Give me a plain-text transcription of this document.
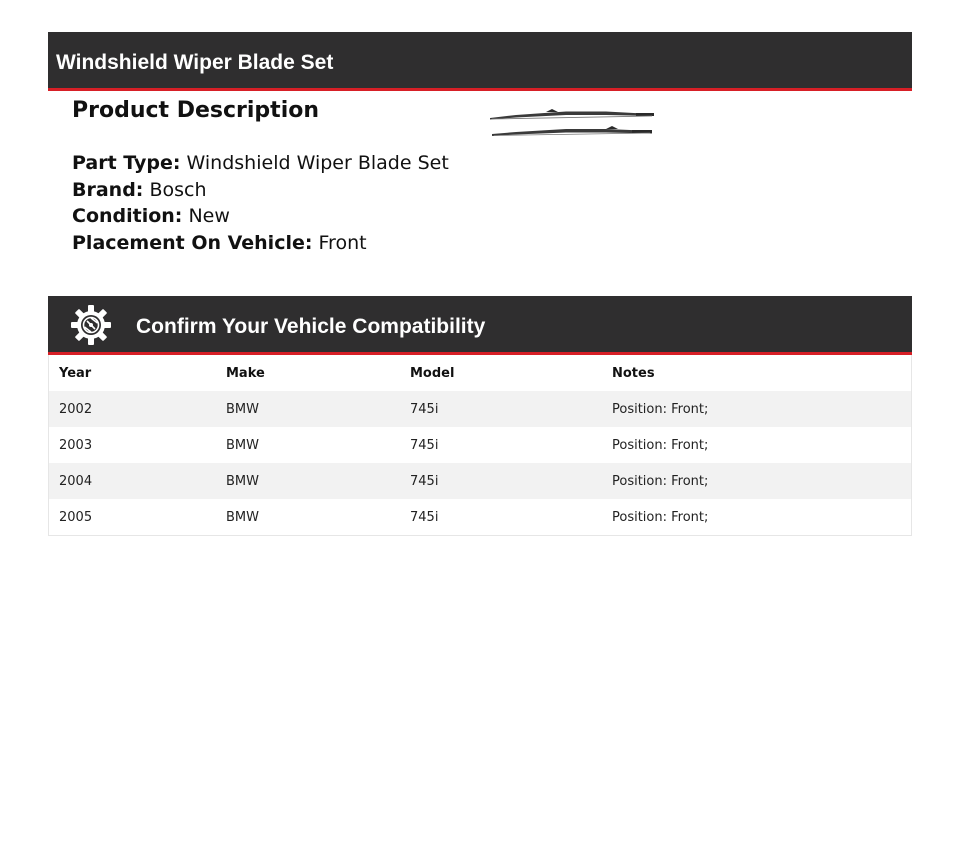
Windshield Wiper Blade Set
Product Description
Part Type: Windshield Wiper Blade Set
Brand: Bosch
Condition: New
Placement On Vehicle: Front
Confirm Your Vehicle Compatibility
Year	Make	Model	Notes
2002	BMW	745i	Position: Front;
2003	BMW	745i	Position: Front;
2004	BMW	745i	Position: Front;
2005	BMW	745i	Position: Front;
